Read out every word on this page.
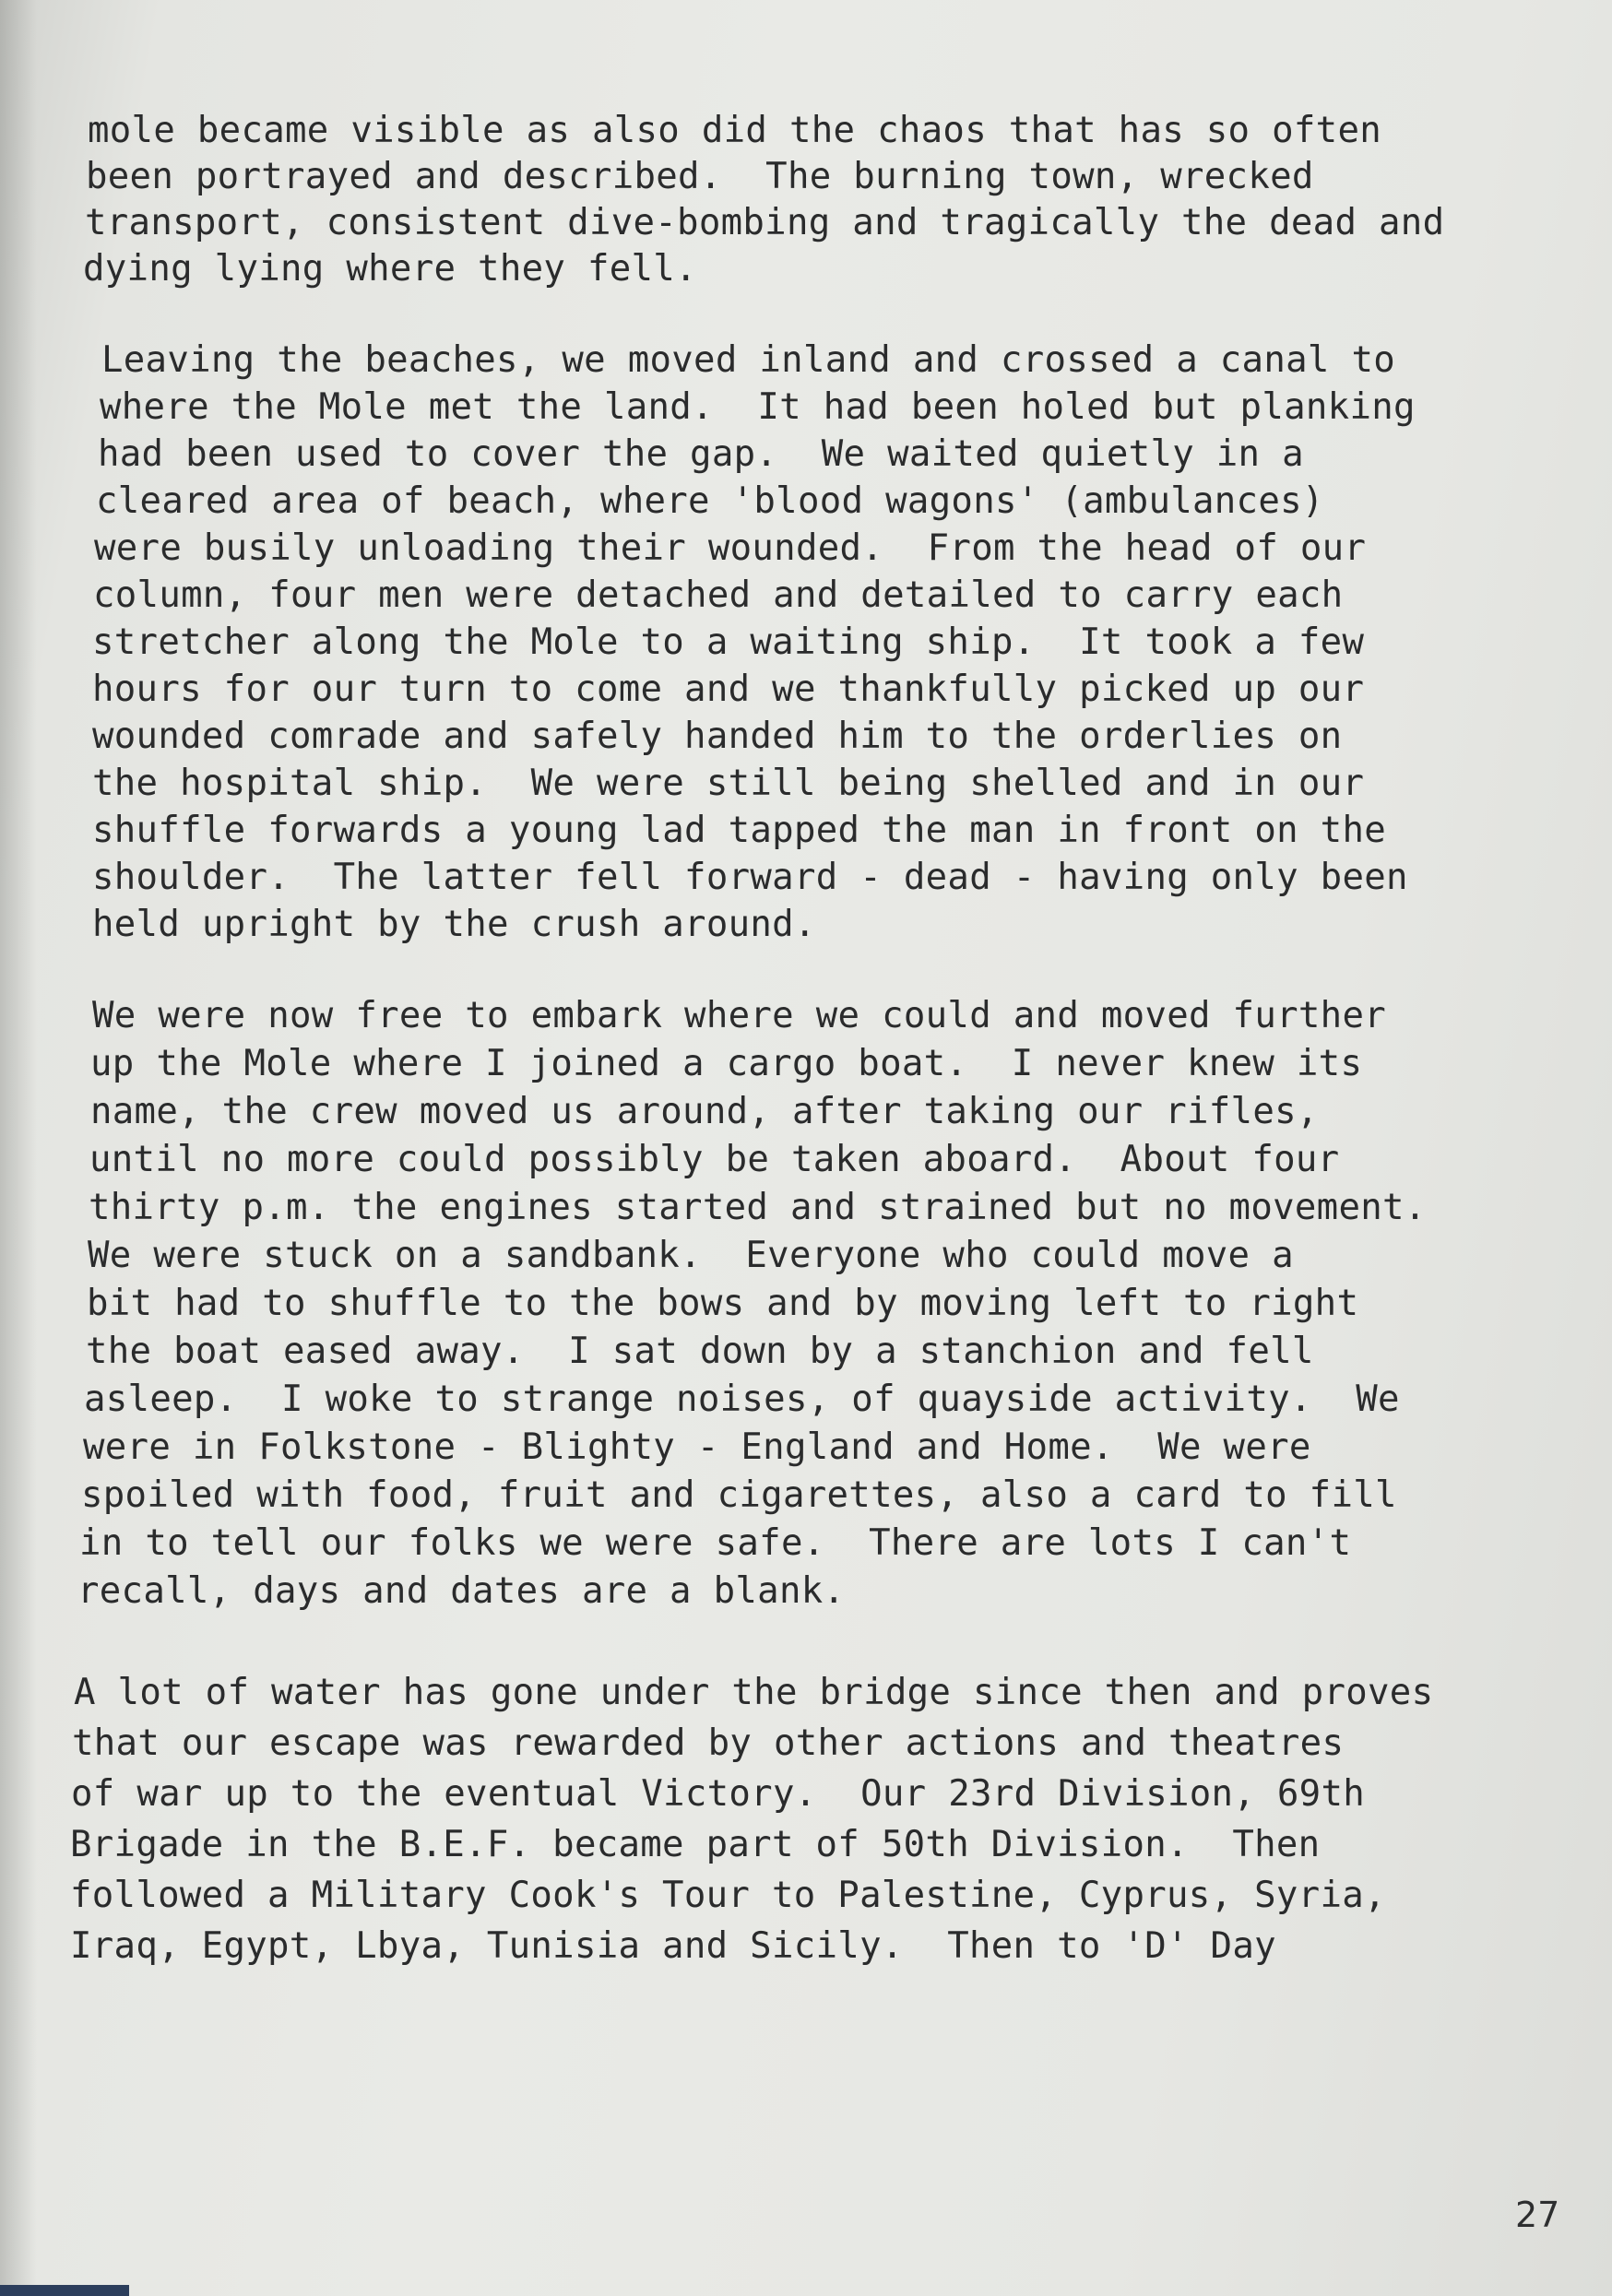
mole became visible as also did the chaos that has so often
been portrayed and described.  The burning town, wrecked
transport, consistent dive-bombing and tragically the dead and
dying lying where they fell.
Leaving the beaches, we moved inland and crossed a canal to
where the Mole met the land.  It had been holed but planking
had been used to cover the gap.  We waited quietly in a
cleared area of beach, where 'blood wagons' (ambulances)
were busily unloading their wounded.  From the head of our
column, four men were detached and detailed to carry each
stretcher along the Mole to a waiting ship.  It took a few
hours for our turn to come and we thankfully picked up our
wounded comrade and safely handed him to the orderlies on
the hospital ship.  We were still being shelled and in our
shuffle forwards a young lad tapped the man in front on the
shoulder.  The latter fell forward - dead - having only been
held upright by the crush around.
We were now free to embark where we could and moved further
up the Mole where I joined a cargo boat.  I never knew its
name, the crew moved us around, after taking our rifles,
until no more could possibly be taken aboard.  About four
thirty p.m. the engines started and strained but no movement.
We were stuck on a sandbank.  Everyone who could move a
bit had to shuffle to the bows and by moving left to right
the boat eased away.  I sat down by a stanchion and fell
asleep.  I woke to strange noises, of quayside activity.  We
were in Folkstone - Blighty - England and Home.  We were
spoiled with food, fruit and cigarettes, also a card to fill
in to tell our folks we were safe.  There are lots I can't
recall, days and dates are a blank.
A lot of water has gone under the bridge since then and proves
that our escape was rewarded by other actions and theatres
of war up to the eventual Victory.  Our 23rd Division, 69th
Brigade in the B.E.F. became part of 50th Division.  Then
followed a Military Cook's Tour to Palestine, Cyprus, Syria,
Iraq, Egypt, Lbya, Tunisia and Sicily.  Then to 'D' Day
27
